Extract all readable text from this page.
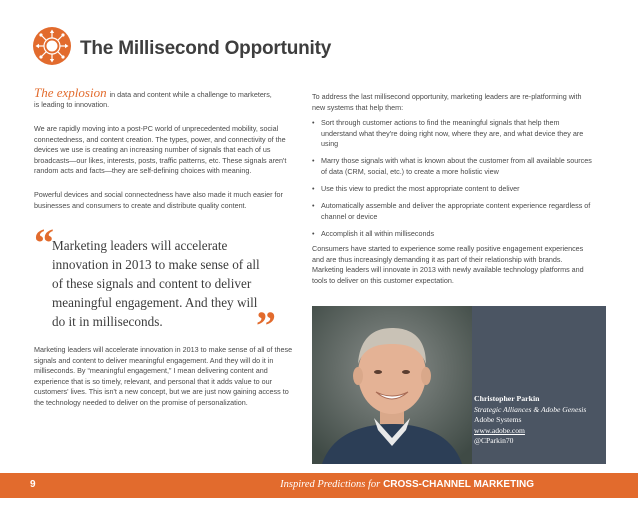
The Millisecond Opportunity

The explosion in data and content while a challenge to marketers,

is leading to innovation.

We are rapidly moving into a post-PC world of unprecedented mobility, social connectedness, and content creation. The types, power, and connectivity of the devices we use is creating an increasing number of signals that each of us broadcasts—our likes, interests, posts, traffic patterns, etc. These signals aren't random acts and facts—they are self-defining choices with meaning.

Powerful devices and social connectedness have also made it much easier for businesses and consumers to create and distribute quality content.

“

Marketing leaders will accelerate innovation in 2013 to make sense of all of these signals and content to deliver meaningful engagement. And they will do it in milliseconds.	”

Marketing leaders will accelerate innovation in 2013 to make sense of all of these signals and content to deliver meaningful engagement. And they will do it in milliseconds. By “meaningful engagement,” I mean delivering content and experience that is so timely, relevant, and personal that it adds value to our customers' lives. This isn't a new concept, but we are just now gaining access to the technology needed to deliver on the promise of personalization.

To address the last millisecond opportunity, marketing leaders are re-platforming with new systems that help them:

• Sort through customer actions to find the meaningful signals that help them understand what they're doing right now, where they are, and what device they are using
• Marry those signals with what is known about the customer from all available sources of data (CRM, social, etc.) to create a more holistic view
• Use this view to predict the most appropriate content to deliver
• Automatically assemble and deliver the appropriate content experience regardless of channel or device
• Accomplish it all within milliseconds

Consumers have started to experience some really positive engagement experiences and are thus increasingly demanding it as part of their relationship with brands. Marketing leaders will innovate in 2013 with newly available technology platforms and tools to deliver on this customer expectation.

Christopher Parkin
Strategic Alliances & Adobe Genesis
Adobe Systems
www.adobe.com
@CParkin70
9	Inspired Predictions for CROSS-CHANNEL MARKETING
